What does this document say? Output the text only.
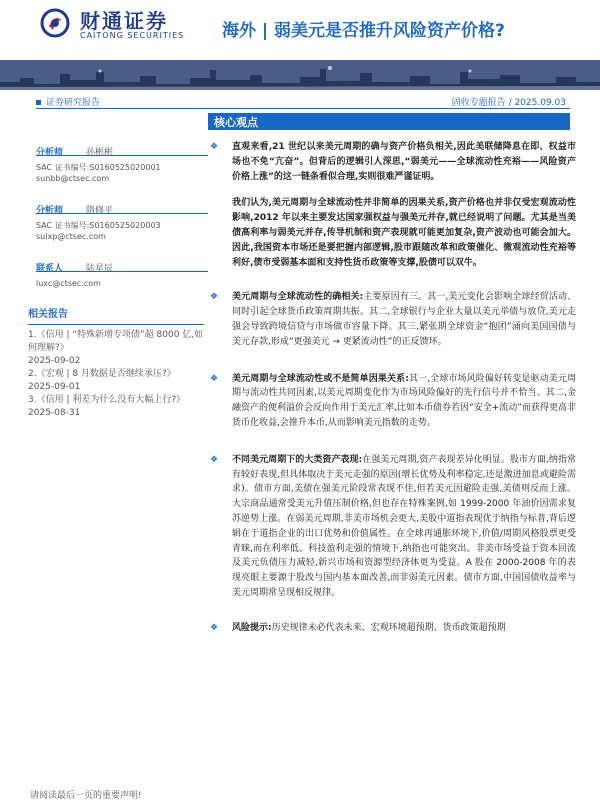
财通证券
CAITONG SECURITIES 海外 | 弱美元是否推升风险资产价格?
证券研究报告	固收专题报告 / 2025.09.03
分析师	孙彬彬
SAC 证书编号:S0160525020001
sunbb@ctsec.com
分析师	隋修平
SAC 证书编号:S0160525020003
suixp@ctsec.com
联系人	陆星辰
luxc@ctsec.com
相关报告
1.《信用 | “特殊新增专项债”超 8000 亿,如何理解?》
2025-09-02
2.《宏观 | 8 月数据是否继续承压?》
2025-09-01
3.《信用 | 利差为什么没有大幅上行?》
2025-08-31
核心观点
❖ 直观来看,21 世纪以来美元周期的确与资产价格负相关,因此美联储降息在即、权益市场也不免“亢奋”。但背后的逻辑引人深思,“弱美元——全球流动性充裕——风险资产价格上涨”的这一链条看似合理,实则很难严谨证明。
我们认为,美元周期与全球流动性并非简单的因果关系,资产价格也并非仅受宏观流动性影响,2012 年以来主要发达国家强权益与强美元并存,就已经说明了问题。尤其是当美债高利率与弱美元并存,传导机制和资产表现就可能更加复杂,资产波动也可能会加大。因此,我国资本市场还是要把握内部逻辑,股市跟随改革和政策催化、微观流动性充裕等利好,债市受弱基本面和支持性货币政策等支撑,股债可以双牛。
❖ 美元周期与全球流动性的确相关:主要原因有三。其一,美元变化会影响全球经贸活动、同时引起全球货币政策周期共振。其二,全球银行与企业大量以美元举债与放贷,美元走强会导致跨境信贷与市场做市容量下降。其三,紧张期全球资金“抱团”涌向美国国债与美元存款,形成“更强美元 → 更紧流动性”的正反馈环。
❖ 美元周期与全球流动性或不是简单因果关系:其一,全球市场风险偏好转变是驱动美元周期与流动性共同因素,以美元周期变化作为市场风险偏好的先行信号并不恰当。其二,金融资产的便利溢价会反向作用于美元汇率,比如本币债券若因“安全+流动”而获得更高非货币化收益,会推升本币,从而影响美元指数的走势。
❖ 不同美元周期下的大类资产表现:在强美元周期,资产表现差异化明显。股市方面,纳指常有较好表现,但具体取决于美元走强的原因(增长优势及利率稳定,还是激进加息或避险需求)。债市方面,美债在强美元阶段常表现不佳,但若美元因避险走强,美债则反而上涨。大宗商品通常受美元升值压制价格,但也存在特殊案例,如 1999-2000 年油价因需求复苏逆势上涨。在弱美元周期,非美市场机会更大,美股中道指表现优于纳指与标普,背后逻辑在于道指企业的出口优势和价值属性。在全球再通胀环境下,价值/周期风格股票更受青睐,而在利率低、科技盈利走强的情境下,纳指也可能突出。非美市场受益于资本回流及美元负债压力减轻,新兴市场和资源型经济体更为受益。A 股在 2000-2008 年的表现亮眼主要源于股改与国内基本面改善,而非弱美元因素。债市方面,中国国债收益率与美元周期常呈现相反规律。
❖ 风险提示:历史规律未必代表未来、宏观环境超预期、货币政策超预期
请阅读最后一页的重要声明!
